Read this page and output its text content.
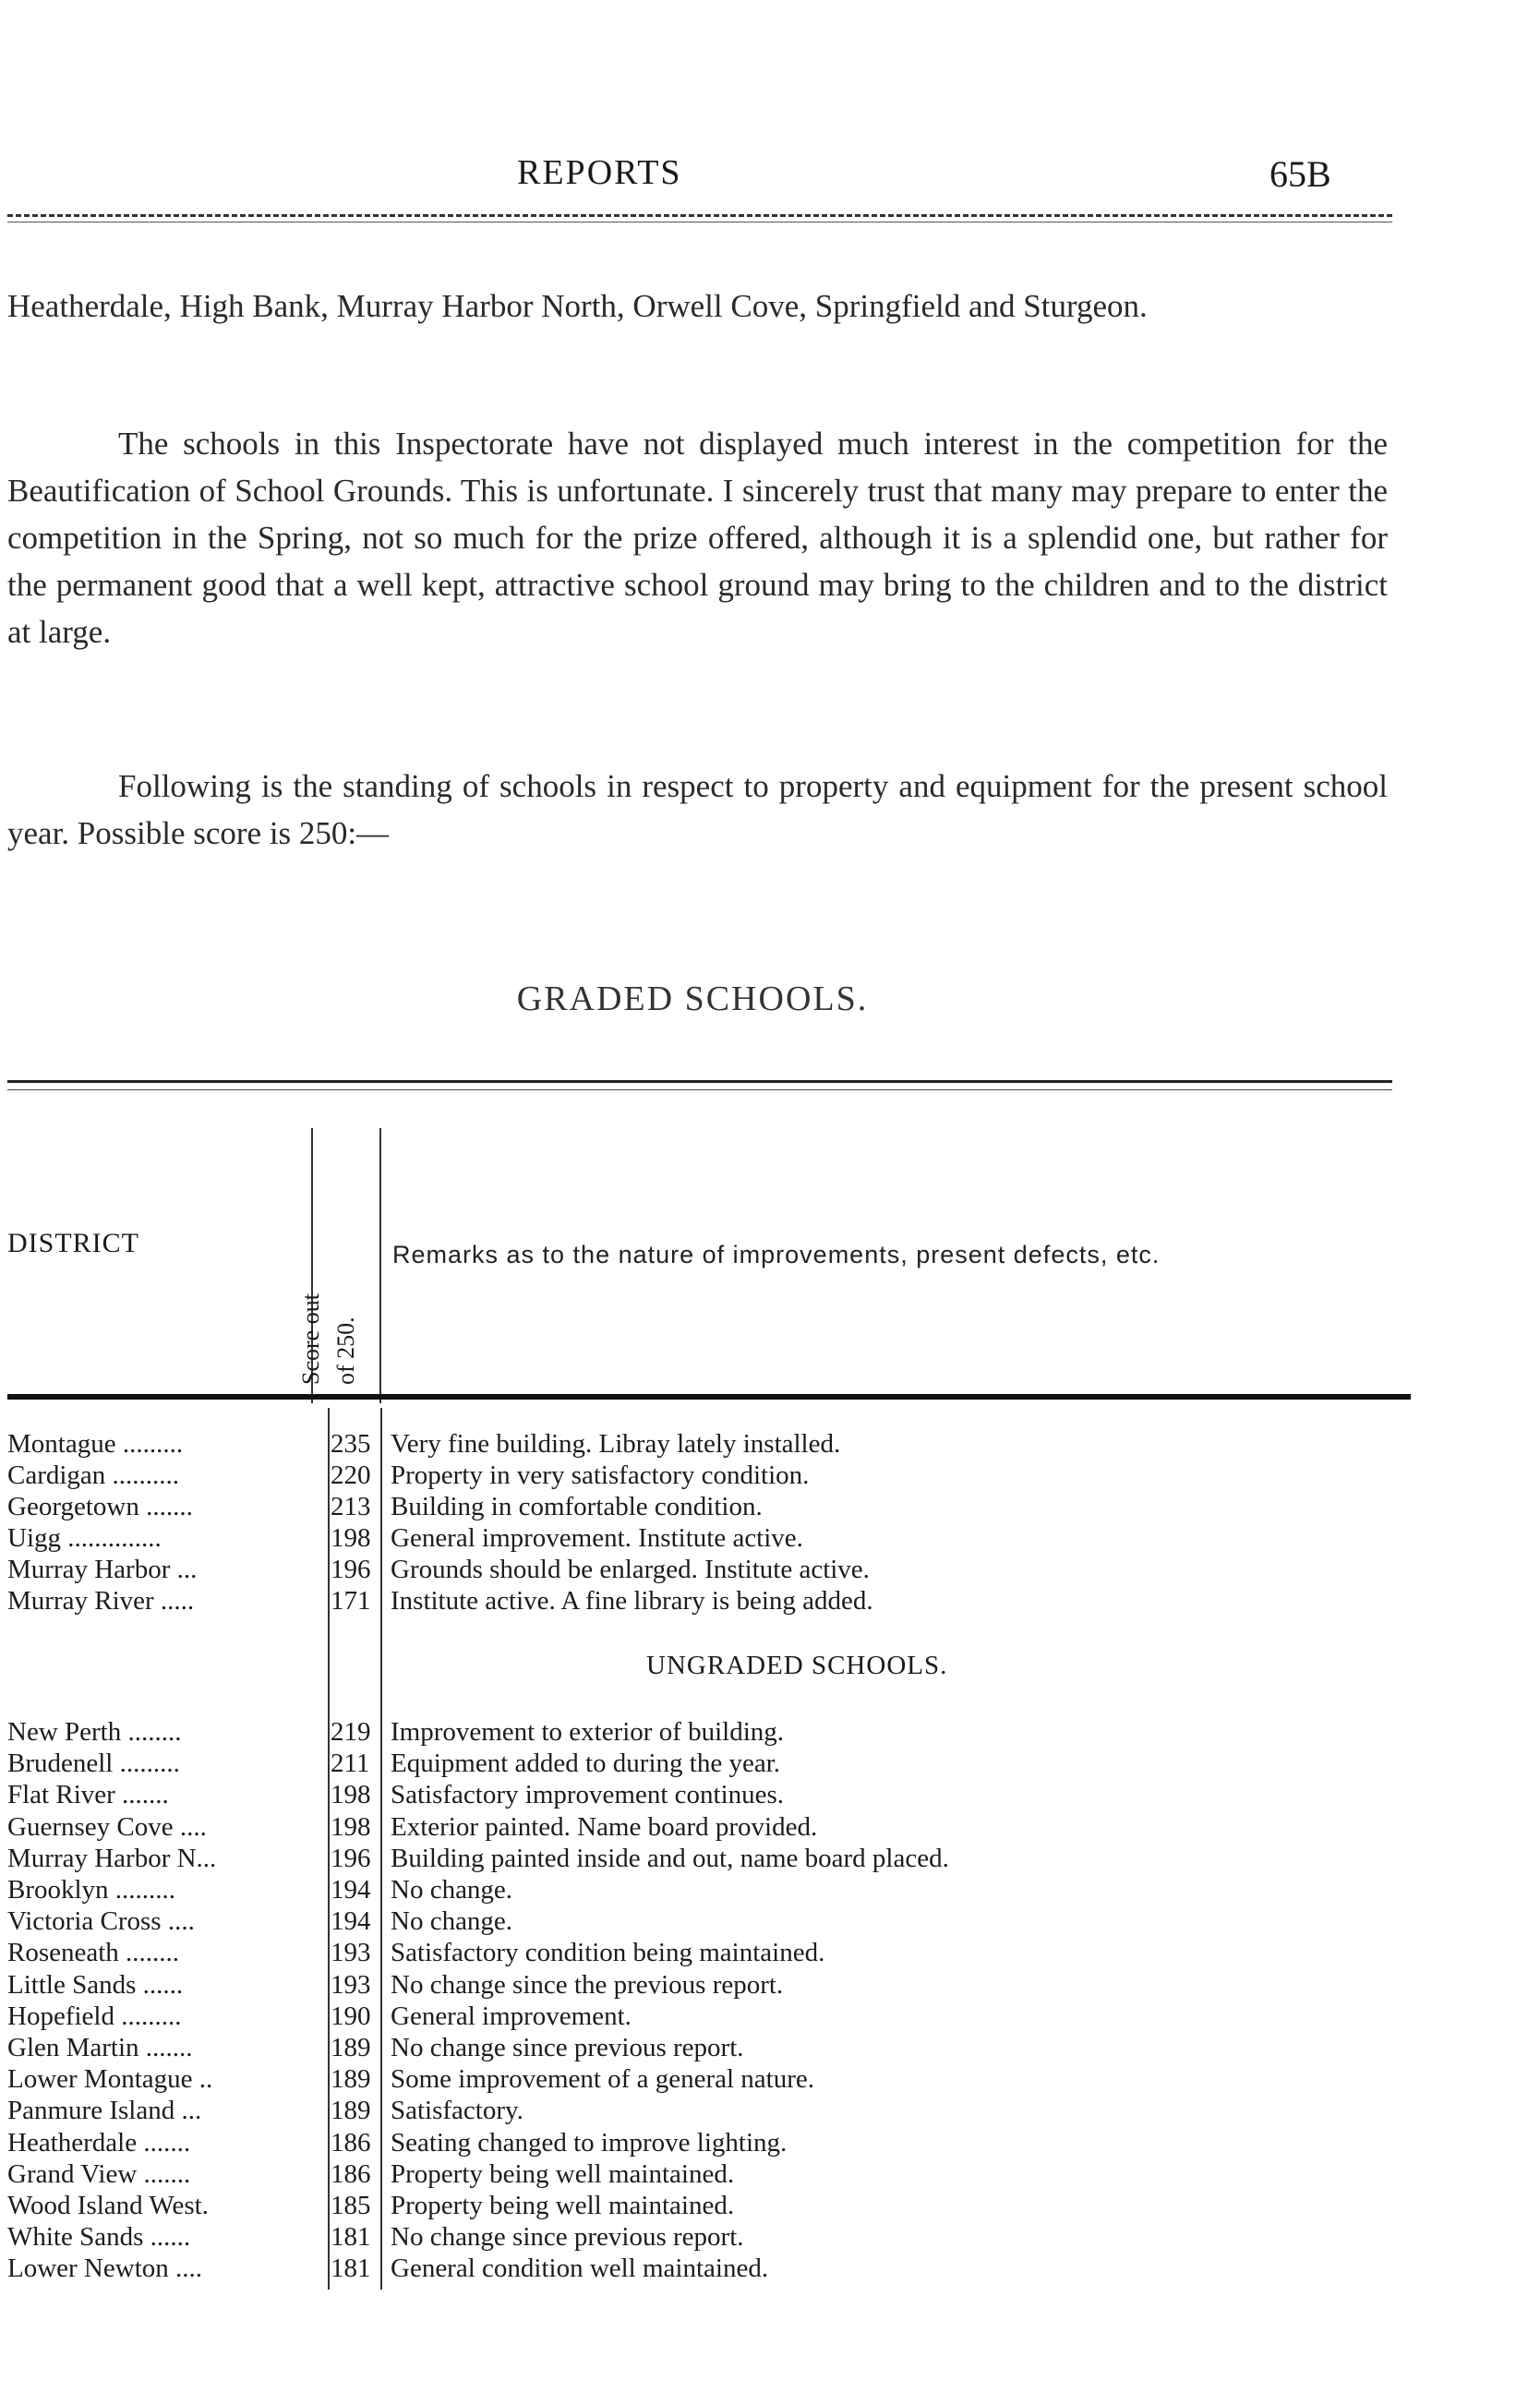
REPORTS	65B
Heatherdale, High Bank, Murray Harbor North, Orwell Cove, Springfield and Sturgeon.
The schools in this Inspectorate have not displayed much interest in the competition for the Beautification of School Grounds. This is unfortunate. I sincerely trust that many may prepare to enter the competition in the Spring, not so much for the prize offered, although it is a splendid one, but rather for the permanent good that a well kept, attractive school ground may bring to the children and to the district at large.
Following is the standing of schools in respect to property and equipment for the present school year. Possible score is 250:—
GRADED SCHOOLS.
DISTRICT
Score out of 250.
Remarks as to the nature of improvements, present defects, etc.
Montague .........	235 Very fine building. Libray lately installed.
Cardigan ..........	220 Property in very satisfactory condition.
Georgetown .......	213 Building in comfortable condition.
Uigg ..............	198 General improvement. Institute active.
Murray Harbor ...	196 Grounds should be enlarged. Institute active.
Murray River .....	171 Institute active. A fine library is being added.
UNGRADED SCHOOLS.
New Perth ........	219 Improvement to exterior of building.
Brudenell .........	211 Equipment added to during the year.
Flat River .......	198 Satisfactory improvement continues.
Guernsey Cove ....	198 Exterior painted. Name board provided.
Murray Harbor N...	196 Building painted inside and out, name board placed.
Brooklyn .........	194 No change.
Victoria Cross ....	194 No change.
Roseneath ........	193 Satisfactory condition being maintained.
Little Sands ......	193 No change since the previous report.
Hopefield .........	190 General improvement.
Glen Martin .......	189 No change since previous report.
Lower Montague ..	189 Some improvement of a general nature.
Panmure Island ...	189 Satisfactory.
Heatherdale .......	186 Seating changed to improve lighting.
Grand View .......	186 Property being well maintained.
Wood Island West.	185 Property being well maintained.
White Sands ......	181 No change since previous report.
Lower Newton ....	181 General condition well maintained.
